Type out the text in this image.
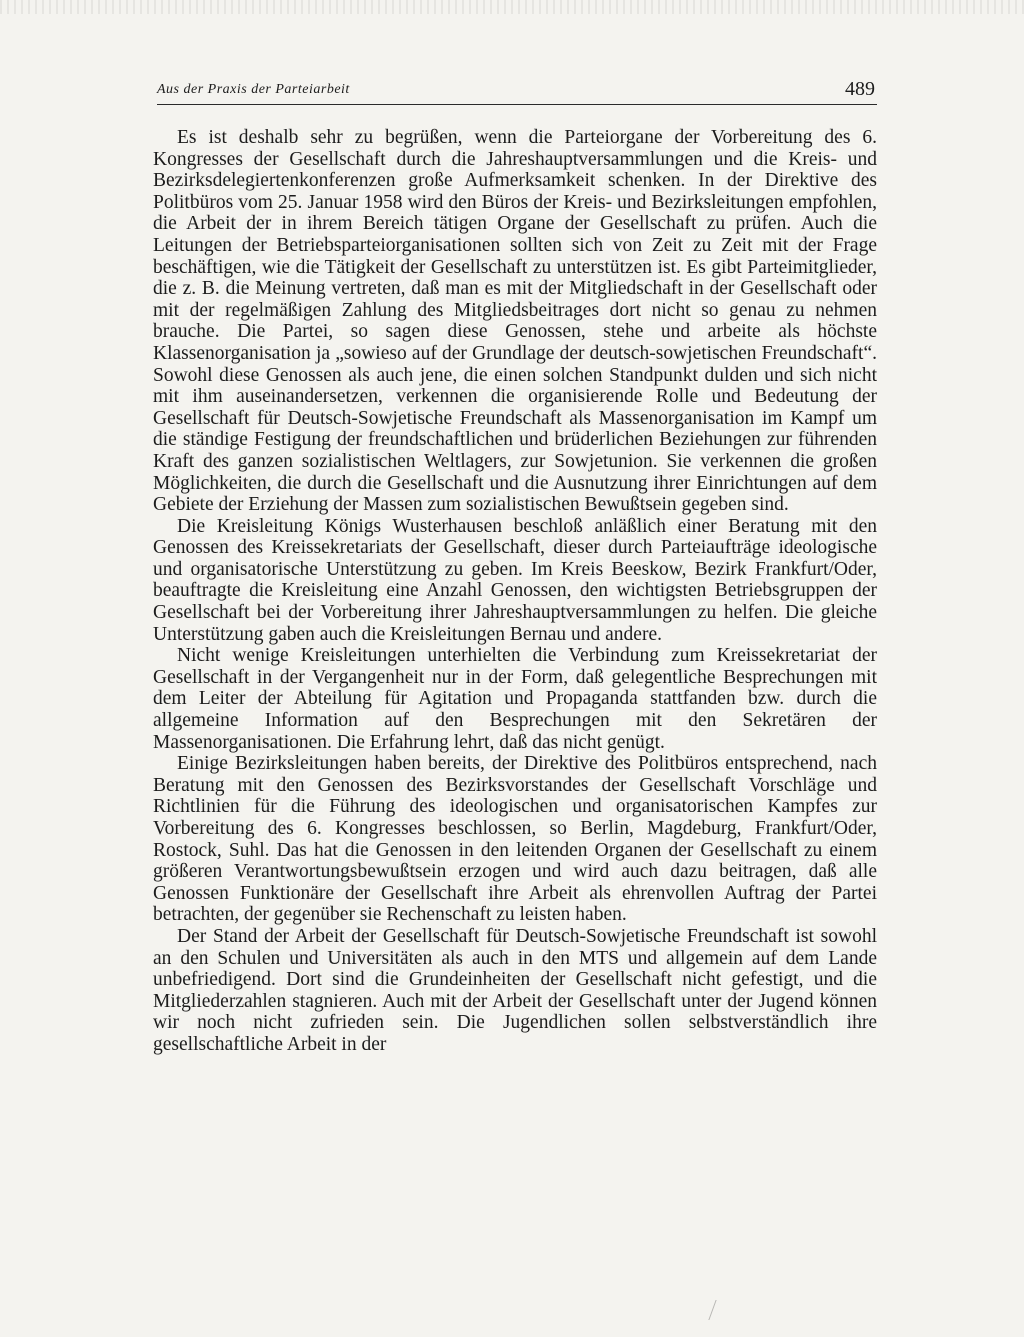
Aus der Praxis der Parteiarbeit	489

Es ist deshalb sehr zu begrüßen, wenn die Parteiorgane der Vorbereitung des 6. Kongresses der Gesellschaft durch die Jahreshauptversammlungen und die Kreis- und Bezirksdelegiertenkonferenzen große Aufmerksamkeit schenken. In der Direktive des Politbüros vom 25. Januar 1958 wird den Büros der Kreis- und Bezirksleitungen empfohlen, die Arbeit der in ihrem Bereich tätigen Organe der Gesellschaft zu prüfen. Auch die Leitungen der Betriebsparteiorganisationen sollten sich von Zeit zu Zeit mit der Frage beschäftigen, wie die Tätigkeit der Gesellschaft zu unterstützen ist. Es gibt Parteimitglieder, die z. B. die Meinung vertreten, daß man es mit der Mitgliedschaft in der Gesellschaft oder mit der regelmäßigen Zahlung des Mitgliedsbeitrages dort nicht so genau zu nehmen brauche. Die Partei, so sagen diese Genossen, stehe und arbeite als höchste Klassenorganisation ja „sowieso auf der Grundlage der deutsch-sowjetischen Freundschaft“. Sowohl diese Genossen als auch jene, die einen solchen Standpunkt dulden und sich nicht mit ihm auseinandersetzen, verkennen die organisierende Rolle und Bedeutung der Gesellschaft für Deutsch-Sowjetische Freundschaft als Massenorganisation im Kampf um die ständige Festigung der freundschaftlichen und brüderlichen Beziehungen zur führenden Kraft des ganzen sozialistischen Weltlagers, zur Sowjetunion. Sie verkennen die großen Möglichkeiten, die durch die Gesellschaft und die Ausnutzung ihrer Einrichtungen auf dem Gebiete der Erziehung der Massen zum sozialistischen Bewußtsein gegeben sind.

Die Kreisleitung Königs Wusterhausen beschloß anläßlich einer Beratung mit den Genossen des Kreissekretariats der Gesellschaft, dieser durch Parteiaufträge ideologische und organisatorische Unterstützung zu geben. Im Kreis Beeskow, Bezirk Frankfurt/Oder, beauftragte die Kreisleitung eine Anzahl Genossen, den wichtigsten Betriebsgruppen der Gesellschaft bei der Vorbereitung ihrer Jahreshauptversammlungen zu helfen. Die gleiche Unterstützung gaben auch die Kreisleitungen Bernau und andere.

Nicht wenige Kreisleitungen unterhielten die Verbindung zum Kreissekretariat der Gesellschaft in der Vergangenheit nur in der Form, daß gelegentliche Besprechungen mit dem Leiter der Abteilung für Agitation und Propaganda stattfanden bzw. durch die allgemeine Information auf den Besprechungen mit den Sekretären der Massenorganisationen. Die Erfahrung lehrt, daß das nicht genügt.

Einige Bezirksleitungen haben bereits, der Direktive des Politbüros entsprechend, nach Beratung mit den Genossen des Bezirksvorstandes der Gesellschaft Vorschläge und Richtlinien für die Führung des ideologischen und organisatorischen Kampfes zur Vorbereitung des 6. Kongresses beschlossen, so Berlin, Magdeburg, Frankfurt/Oder, Rostock, Suhl. Das hat die Genossen in den leitenden Organen der Gesellschaft zu einem größeren Verantwortungsbewußtsein erzogen und wird auch dazu beitragen, daß alle Genossen Funktionäre der Gesellschaft ihre Arbeit als ehrenvollen Auftrag der Partei betrachten, der gegenüber sie Rechenschaft zu leisten haben.

Der Stand der Arbeit der Gesellschaft für Deutsch-Sowjetische Freundschaft ist sowohl an den Schulen und Universitäten als auch in den MTS und allgemein auf dem Lande unbefriedigend. Dort sind die Grundeinheiten der Gesellschaft nicht gefestigt, und die Mitgliederzahlen stagnieren. Auch mit der Arbeit der Gesellschaft unter der Jugend können wir noch nicht zufrieden sein. Die Jugendlichen sollen selbstverständlich ihre gesellschaftliche Arbeit in der
